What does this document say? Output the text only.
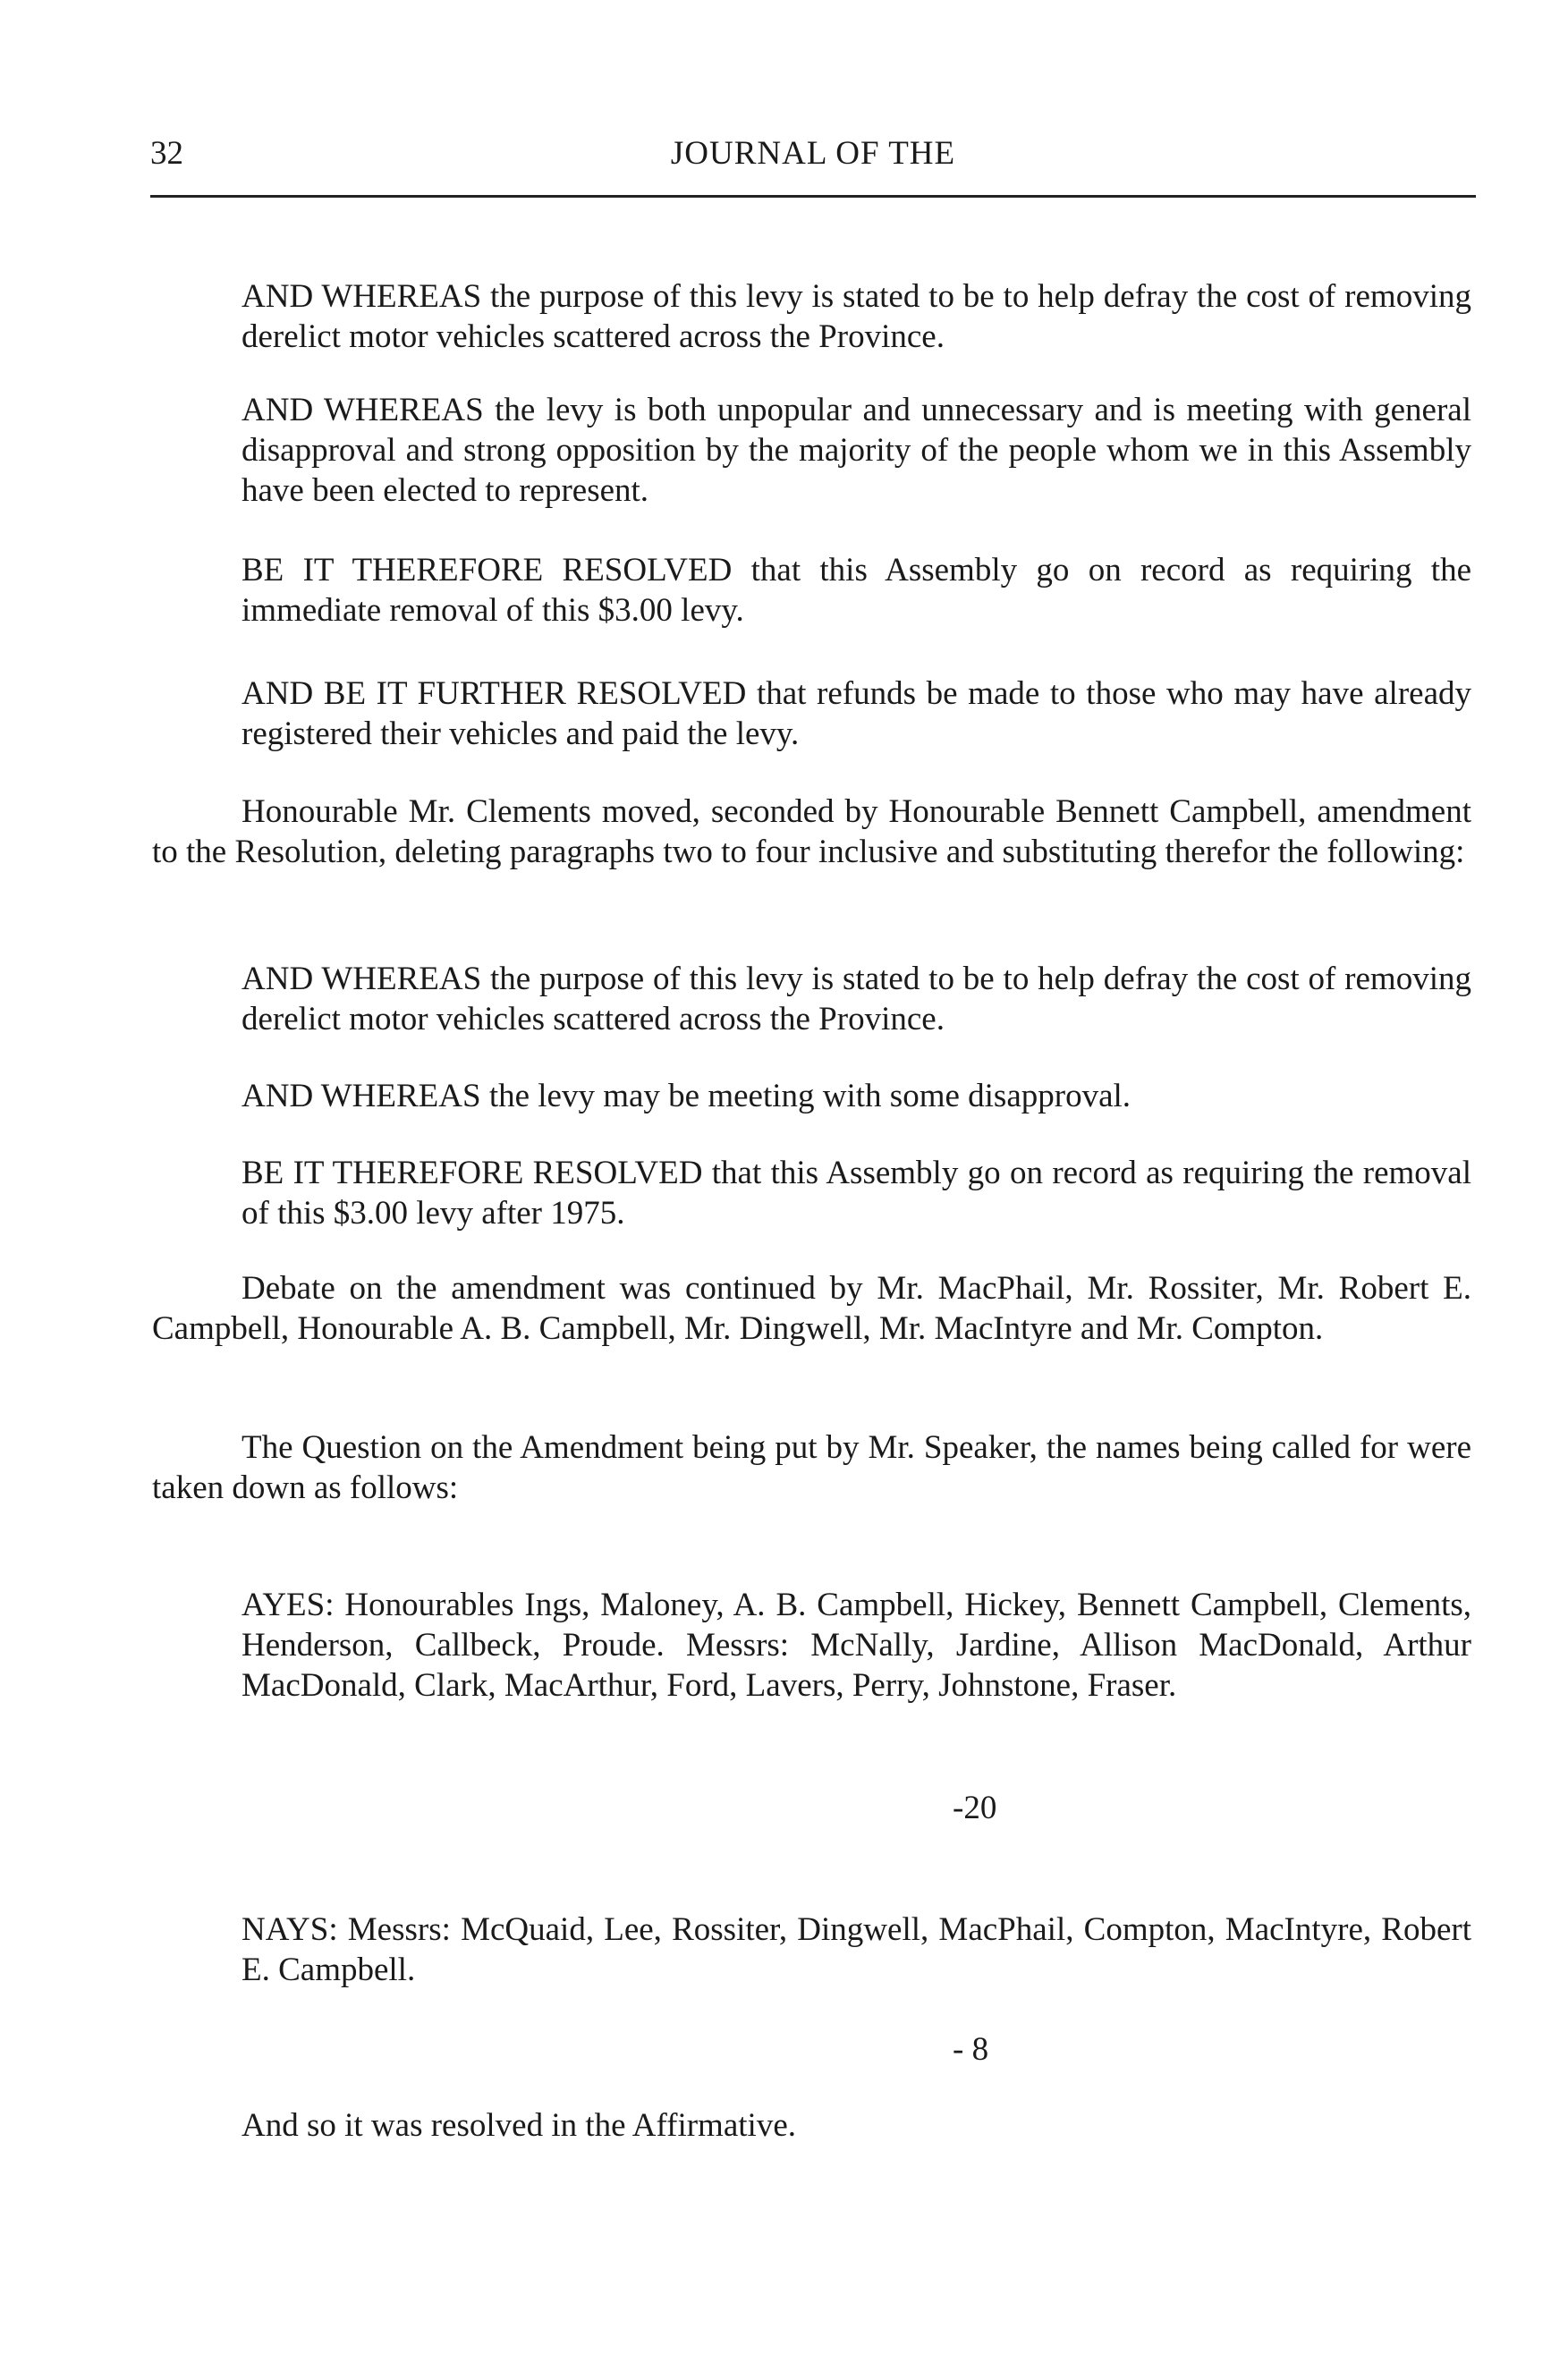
32	JOURNAL OF THE

AND WHEREAS the purpose of this levy is stated to be to help defray the cost of removing derelict motor vehicles scattered across the Province.

AND WHEREAS the levy is both unpopular and unnecessary and is meeting with general disapproval and strong opposition by the majority of the people whom we in this Assembly have been elected to represent.

BE IT THEREFORE RESOLVED that this Assembly go on record as requiring the immediate removal of this $3.00 levy.

AND BE IT FURTHER RESOLVED that refunds be made to those who may have already registered their vehicles and paid the levy.

Honourable Mr. Clements moved, seconded by Honourable Bennett Campbell, amendment to the Resolution, deleting paragraphs two to four inclusive and substituting therefor the following:

AND WHEREAS the purpose of this levy is stated to be to help defray the cost of removing derelict motor vehicles scattered across the Province.

AND WHEREAS the levy may be meeting with some disapproval.

BE IT THEREFORE RESOLVED that this Assembly go on record as requiring the removal of this $3.00 levy after 1975.

Debate on the amendment was continued by Mr. MacPhail, Mr. Rossiter, Mr. Robert E. Campbell, Honourable A. B. Campbell, Mr. Dingwell, Mr. MacIntyre and Mr. Compton.

The Question on the Amendment being put by Mr. Speaker, the names being called for were taken down as follows:

AYES: Honourables Ings, Maloney, A. B. Campbell, Hickey, Bennett Campbell, Clements, Henderson, Callbeck, Proude. Messrs: McNally, Jardine, Allison MacDonald, Arthur MacDonald, Clark, MacArthur, Ford, Lavers, Perry, Johnstone, Fraser.

-20

NAYS: Messrs: McQuaid, Lee, Rossiter, Dingwell, MacPhail, Compton, MacIntyre, Robert E. Campbell.

- 8

And so it was resolved in the Affirmative.
